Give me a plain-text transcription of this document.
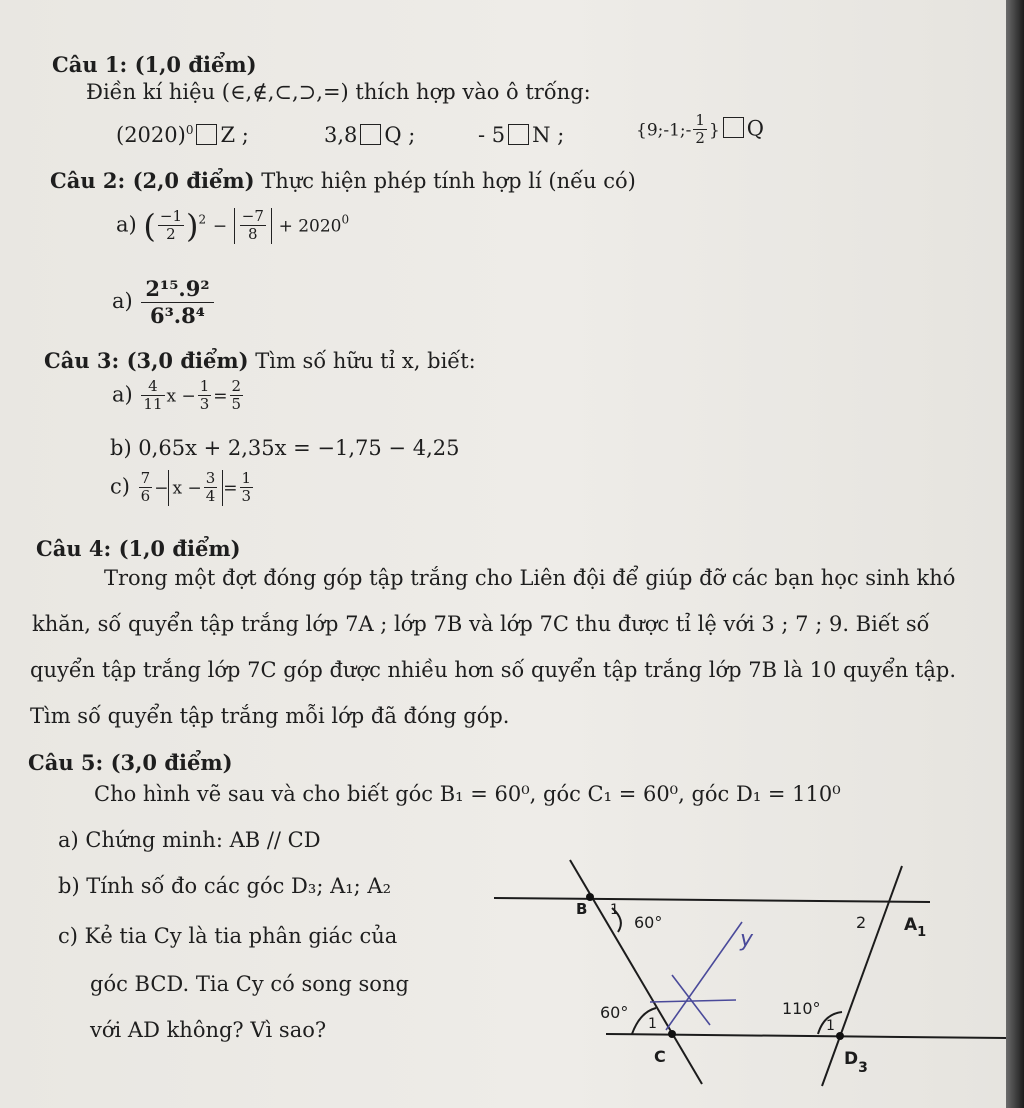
Câu 1: (1,0 điểm)
Điền kí hiệu (∈,∉,⊂,⊃,=) thích hợp vào ô trống:
$(2020)^0$ Z ;	3,8 Q ;	- 5 N ;	{9;-1;- $\frac{1}{2}$ } Q
Câu 2: (2,0 điểm) Thực hiện phép tính hợp lí (nếu có)
a) ( $\frac{-1}{2} )^2 - \frac{-7}{8} + 2020^0$
$a) \frac{\text{2¹⁵.9²}}{\text{6³.8⁴}}$
Câu 3: (3,0 điểm) Tìm số hữu tỉ x, biết:
$a) \frac{4}{11}$ $x - \frac{1}{3} = \frac{2}{5}$
b) 0,65x + 2,35x = −1,75 − 4,25
$c) \frac{7}{6} - x - \frac{3}{4} = \frac{1}{3}$
Câu 4: (1,0 điểm)
Trong một đợt đóng góp tập trắng cho Liên đội để giúp đỡ các bạn học sinh khó
khăn, số quyển tập trắng lớp 7A ; lớp 7B và lớp 7C thu được tỉ lệ với 3 ; 7 ; 9. Biết số
quyển tập trắng lớp 7C góp được nhiều hơn số quyển tập trắng lớp 7B là 10 quyển tập.
Tìm số quyển tập trắng mỗi lớp đã đóng góp.
Câu 5: (3,0 điểm)
Cho hình vẽ sau và cho biết góc B₁ = 60⁰, góc C₁ = 60⁰, góc D₁ = 110⁰
a) Chứng minh: AB // CD
b) Tính số đo các góc D₃; A₁; A₂
c) Kẻ tia Cy là tia phân giác của
góc BCD. Tia Cy có song song
với AD không? Vì sao?
B 1
60°
y
2 $A_1$
60°
1
110°
1
C	$D_3$
